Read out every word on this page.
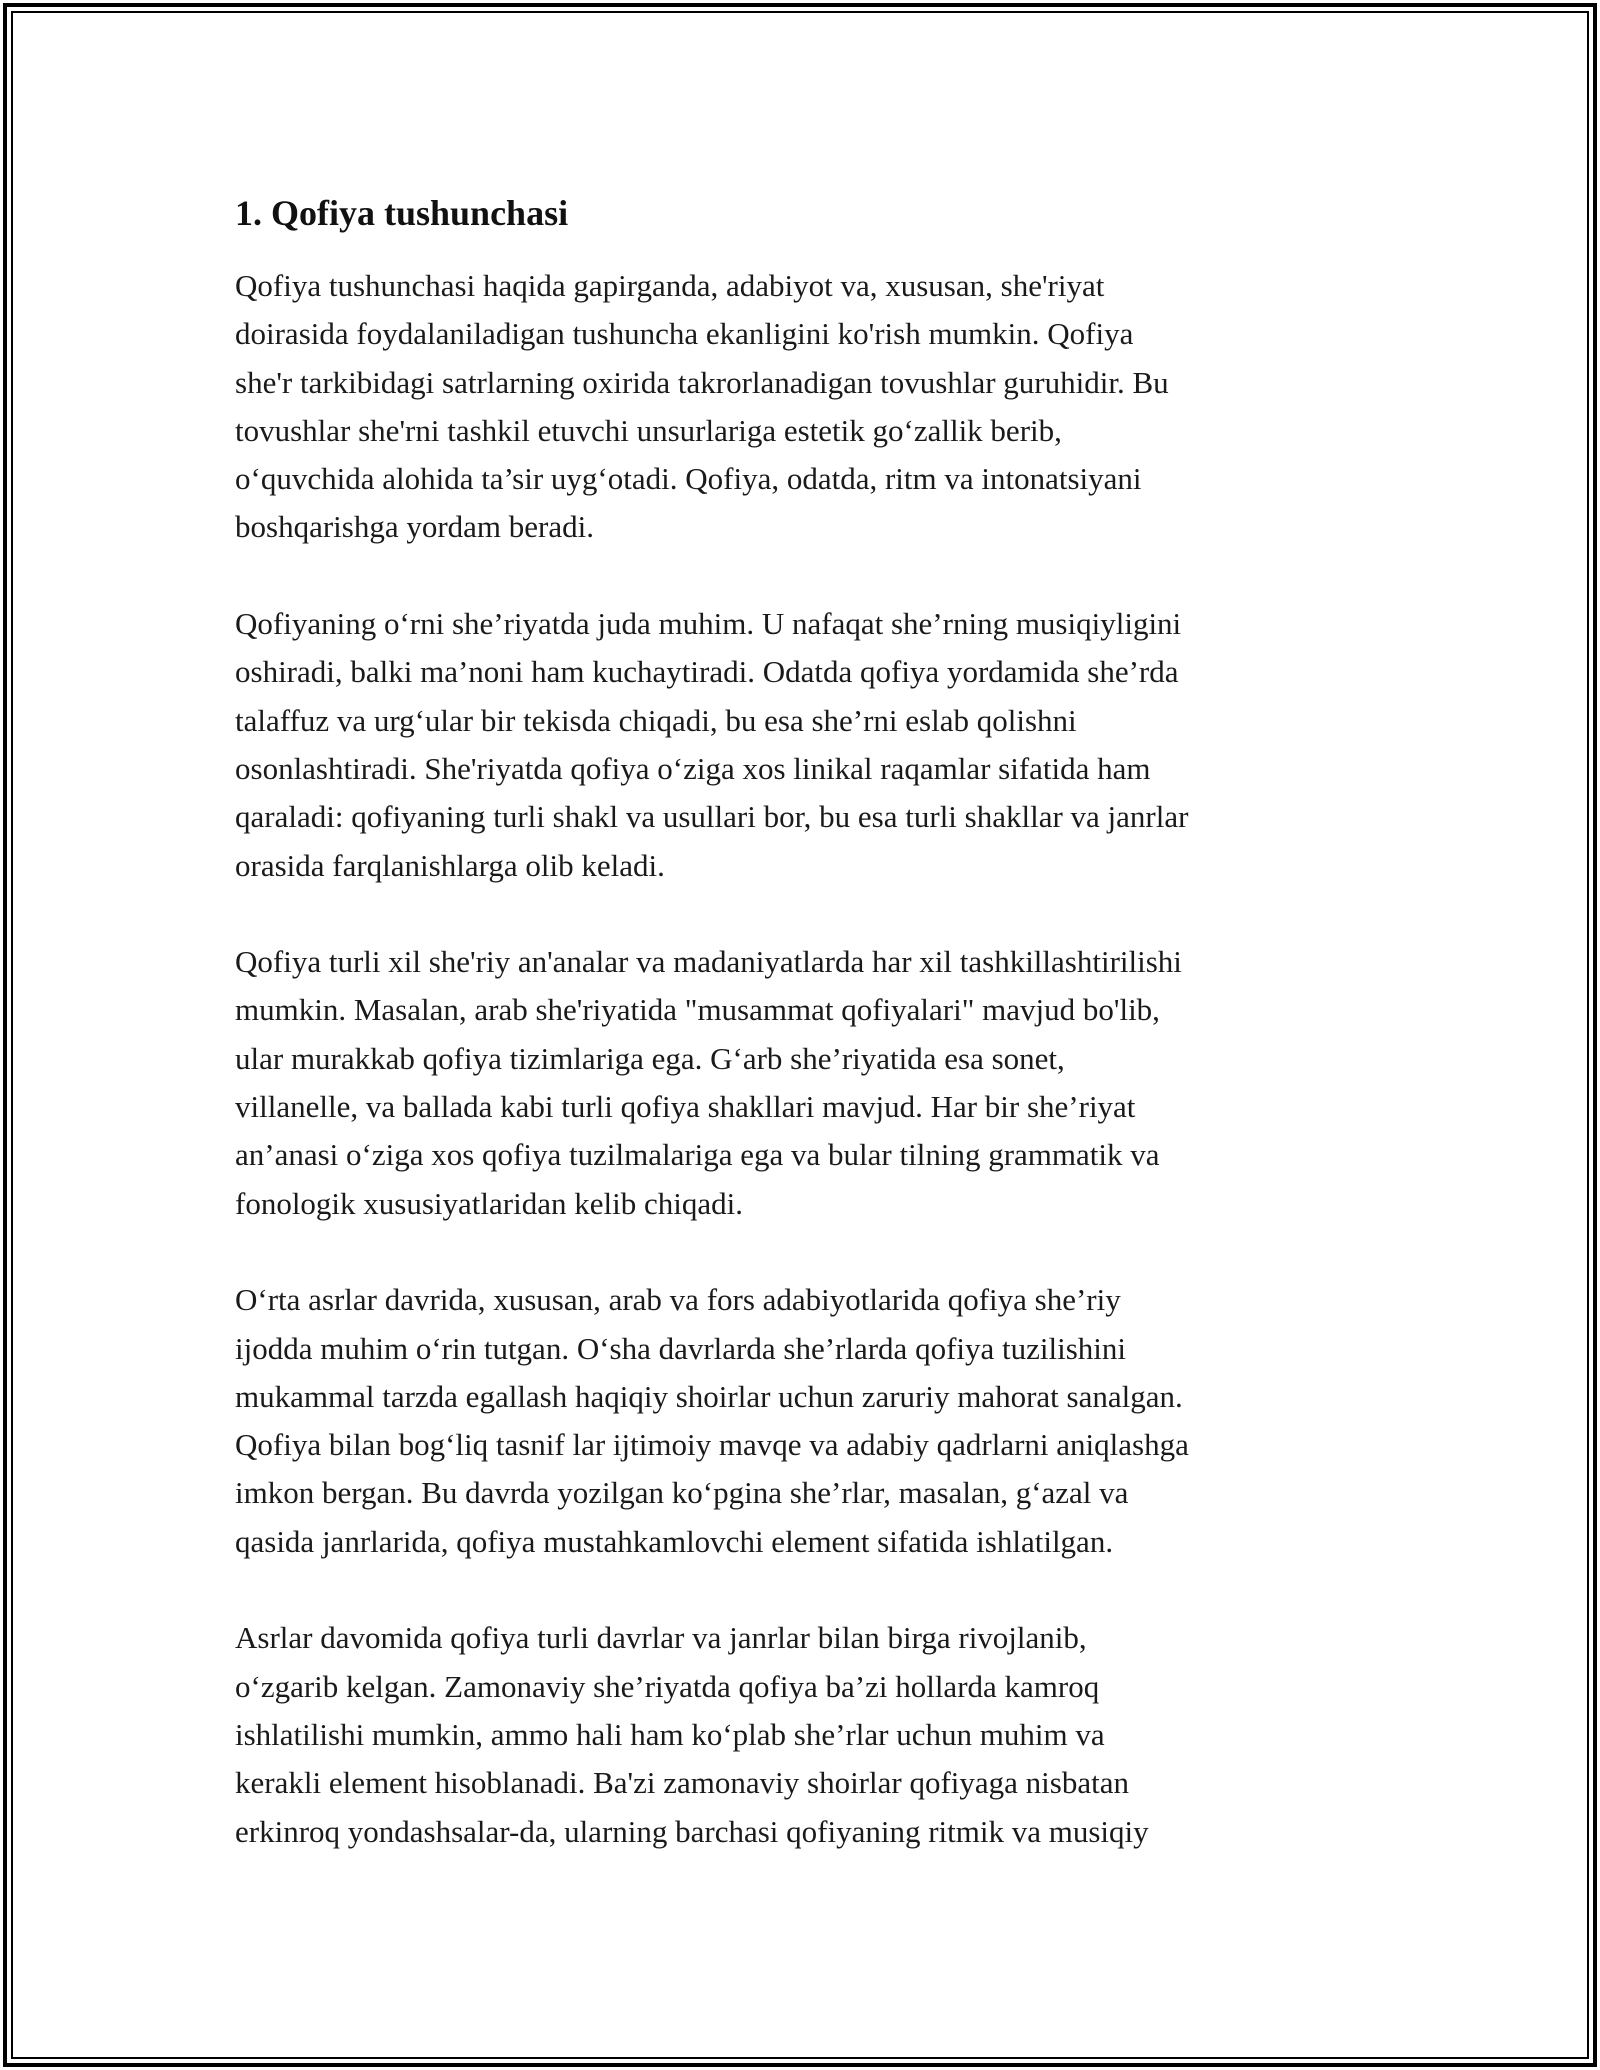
1. Qofiya tushunchasi

Qofiya tushunchasi haqida gapirganda, adabiyot va, xususan, she'riyat
doirasida foydalaniladigan tushuncha ekanligini ko'rish mumkin. Qofiya
she'r tarkibidagi satrlarning oxirida takrorlanadigan tovushlar guruhidir. Bu
tovushlar she'rni tashkil etuvchi unsurlariga estetik go‘zallik berib,
o‘quvchida alohida ta’sir uyg‘otadi. Qofiya, odatda, ritm va intonatsiyani
boshqarishga yordam beradi.

Qofiyaning o‘rni she’riyatda juda muhim. U nafaqat she’rning musiqiyligini
oshiradi, balki ma’noni ham kuchaytiradi. Odatda qofiya yordamida she’rda
talaffuz va urg‘ular bir tekisda chiqadi, bu esa she’rni eslab qolishni
osonlashtiradi. She'riyatda qofiya o‘ziga xos linikal raqamlar sifatida ham
qaraladi: qofiyaning turli shakl va usullari bor, bu esa turli shakllar va janrlar
orasida farqlanishlarga olib keladi.

Qofiya turli xil she'riy an'analar va madaniyatlarda har xil tashkillashtirilishi
mumkin. Masalan, arab she'riyatida "musammat qofiyalari" mavjud bo'lib,
ular murakkab qofiya tizimlariga ega. G‘arb she’riyatida esa sonet,
villanelle, va ballada kabi turli qofiya shakllari mavjud. Har bir she’riyat
an’anasi o‘ziga xos qofiya tuzilmalariga ega va bular tilning grammatik va
fonologik xususiyatlaridan kelib chiqadi.

O‘rta asrlar davrida, xususan, arab va fors adabiyotlarida qofiya she’riy
ijodda muhim o‘rin tutgan. O‘sha davrlarda she’rlarda qofiya tuzilishini
mukammal tarzda egallash haqiqiy shoirlar uchun zaruriy mahorat sanalgan.
Qofiya bilan bog‘liq tasnif lar ijtimoiy mavqe va adabiy qadrlarni aniqlashga
imkon bergan. Bu davrda yozilgan ko‘pgina she’rlar, masalan, g‘azal va
qasida janrlarida, qofiya mustahkamlovchi element sifatida ishlatilgan.

Asrlar davomida qofiya turli davrlar va janrlar bilan birga rivojlanib,
o‘zgarib kelgan. Zamonaviy she’riyatda qofiya ba’zi hollarda kamroq
ishlatilishi mumkin, ammo hali ham ko‘plab she’rlar uchun muhim va
kerakli element hisoblanadi. Ba'zi zamonaviy shoirlar qofiyaga nisbatan
erkinroq yondashsalar-da, ularning barchasi qofiyaning ritmik va musiqiy
